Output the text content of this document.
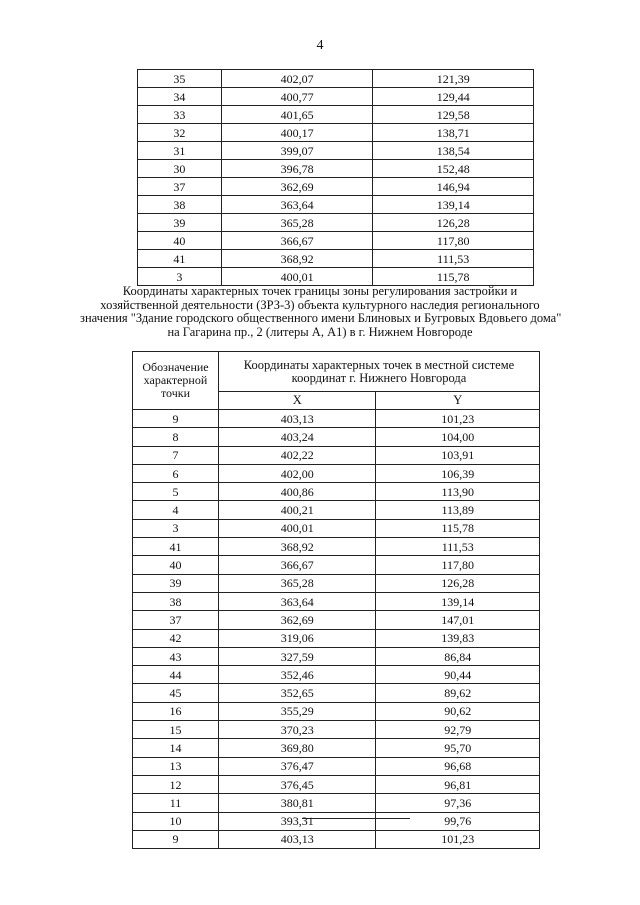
4
35	402,07	121,39
34	400,77	129,44
33	401,65	129,58
32	400,17	138,71
31	399,07	138,54
30	396,78	152,48
37	362,69	146,94
38	363,64	139,14
39	365,28	126,28
40	366,67	117,80
41	368,92	111,53
3	400,01	115,78
Координаты характерных точек границы зоны регулирования застройки и
хозяйственной деятельности (ЗРЗ-3) объекта культурного наследия регионального
значения "Здание городского общественного имени Блиновых и Бугровых Вдовьего дома"
на Гагарина пр., 2 (литеры А, А1) в г. Нижнем Новгороде
Обозначение характерной точки	Координаты характерных точек в местной системе координат г. Нижнего Новгорода	
	X	Y
9	403,13	101,23
8	403,24	104,00
7	402,22	103,91
6	402,00	106,39
5	400,86	113,90
4	400,21	113,89
3	400,01	115,78
41	368,92	111,53
40	366,67	117,80
39	365,28	126,28
38	363,64	139,14
37	362,69	147,01
42	319,06	139,83
43	327,59	86,84
44	352,46	90,44
45	352,65	89,62
16	355,29	90,62
15	370,23	92,79
14	369,80	95,70
13	376,47	96,68
12	376,45	96,81
11	380,81	97,36
10	393,31	99,76
9	403,13	101,23
